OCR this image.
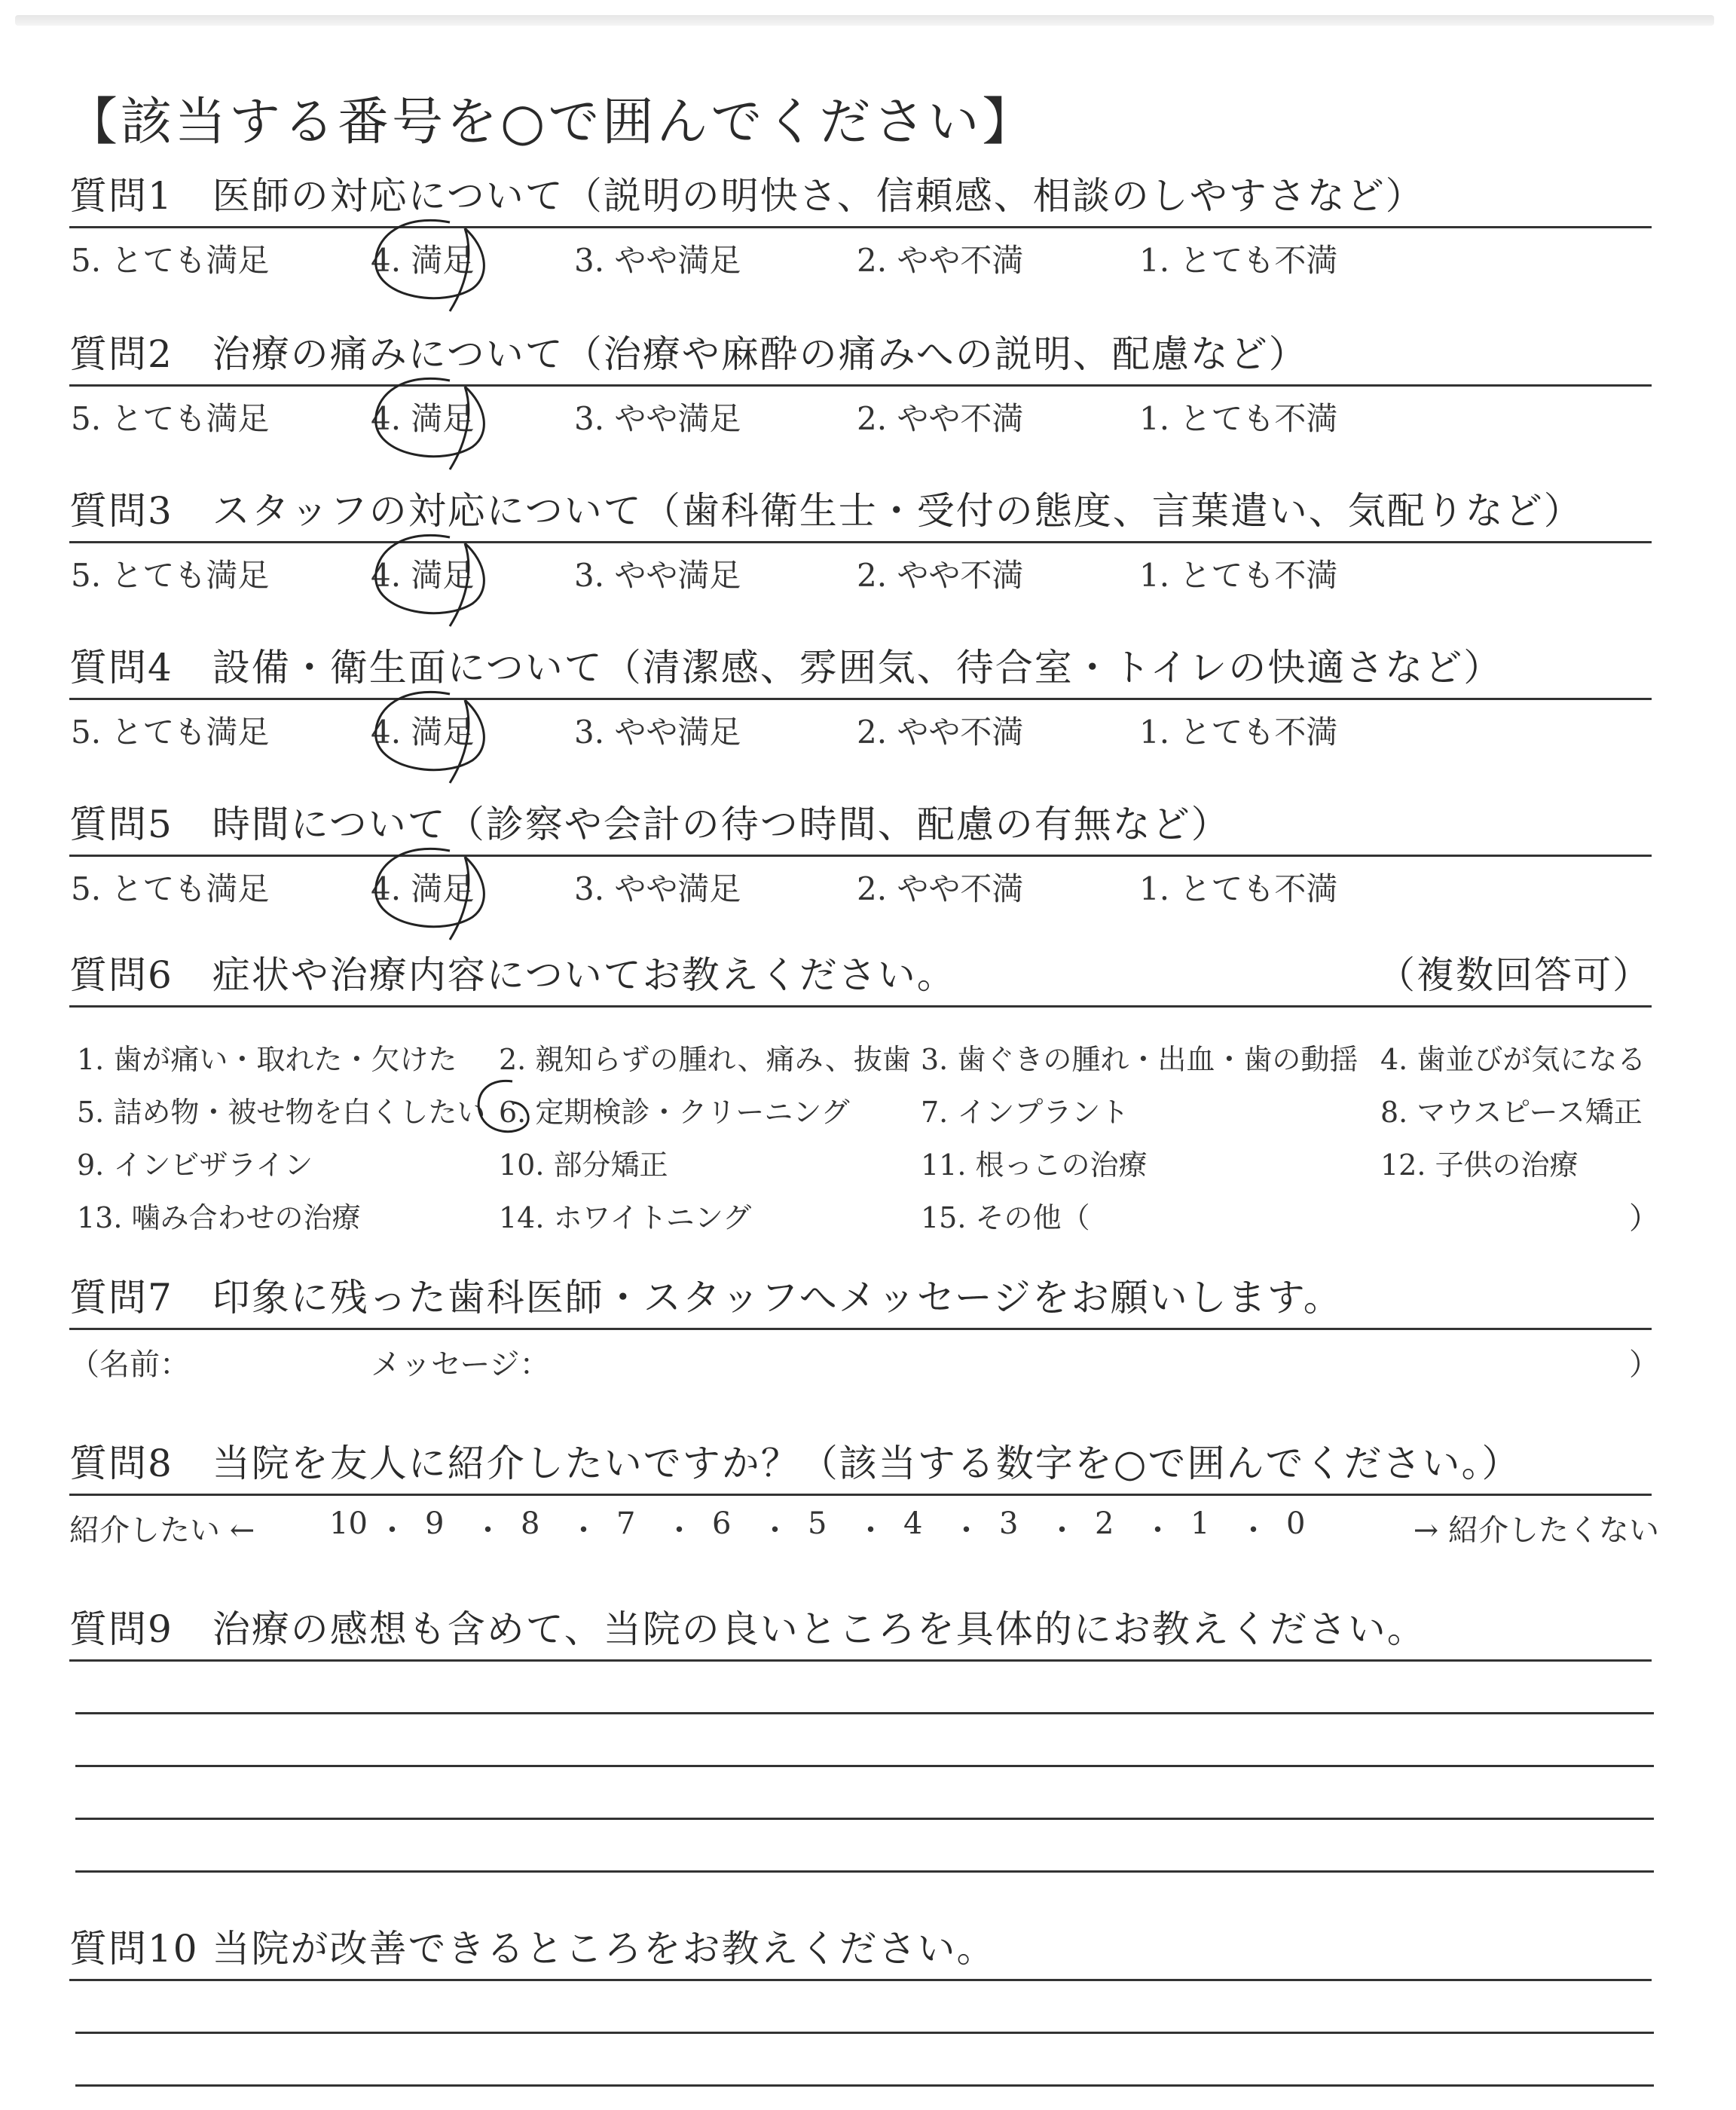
【該当する番号を○で囲んでください】
質問1　医師の対応について（説明の明快さ、信頼感、相談のしやすさなど）
5. とても満足	4. 満足	3. やや満足	2. やや不満	1. とても不満
質問2　治療の痛みについて（治療や麻酔の痛みへの説明、配慮など）
5. とても満足	4. 満足	3. やや満足	2. やや不満	1. とても不満
質問3　スタッフの対応について（歯科衛生士・受付の態度、言葉遣い、気配りなど）
5. とても満足	4. 満足	3. やや満足	2. やや不満	1. とても不満
質問4　設備・衛生面について（清潔感、雰囲気、待合室・トイレの快適さなど）
5. とても満足	4. 満足	3. やや満足	2. やや不満	1. とても不満
質問5　時間について（診察や会計の待つ時間、配慮の有無など）
5. とても満足	4. 満足	3. やや満足	2. やや不満	1. とても不満
質問6　症状や治療内容についてお教えください。	（複数回答可）
1. 歯が痛い・取れた・欠けた 2. 親知らずの腫れ、痛み、抜歯 3. 歯ぐきの腫れ・出血・歯の動揺 4. 歯並びが気になる
5. 詰め物・被せ物を白くしたい 6. 定期検診・クリーニング 7. インプラント	8. マウスピース矯正
9. インビザライン	10. 部分矯正	11. 根っこの治療	12. 子供の治療
13. 噛み合わせの治療	14. ホワイトニング	15. その他（	）
質問7　印象に残った歯科医師・スタッフへメッセージをお願いします。
（名前：	メッセージ：	）
質問8　当院を友人に紹介したいですか？（該当する数字を○で囲んでください。）
紹介したい ←	→ 紹介したくない
10 ・ 9 ・ 8 ・ 7 ・ 6 ・ 5 ・ 4 ・ 3 ・ 2 ・ 1 ・ 0
質問9　治療の感想も含めて、当院の良いところを具体的にお教えください。
質問10 当院が改善できるところをお教えください。
